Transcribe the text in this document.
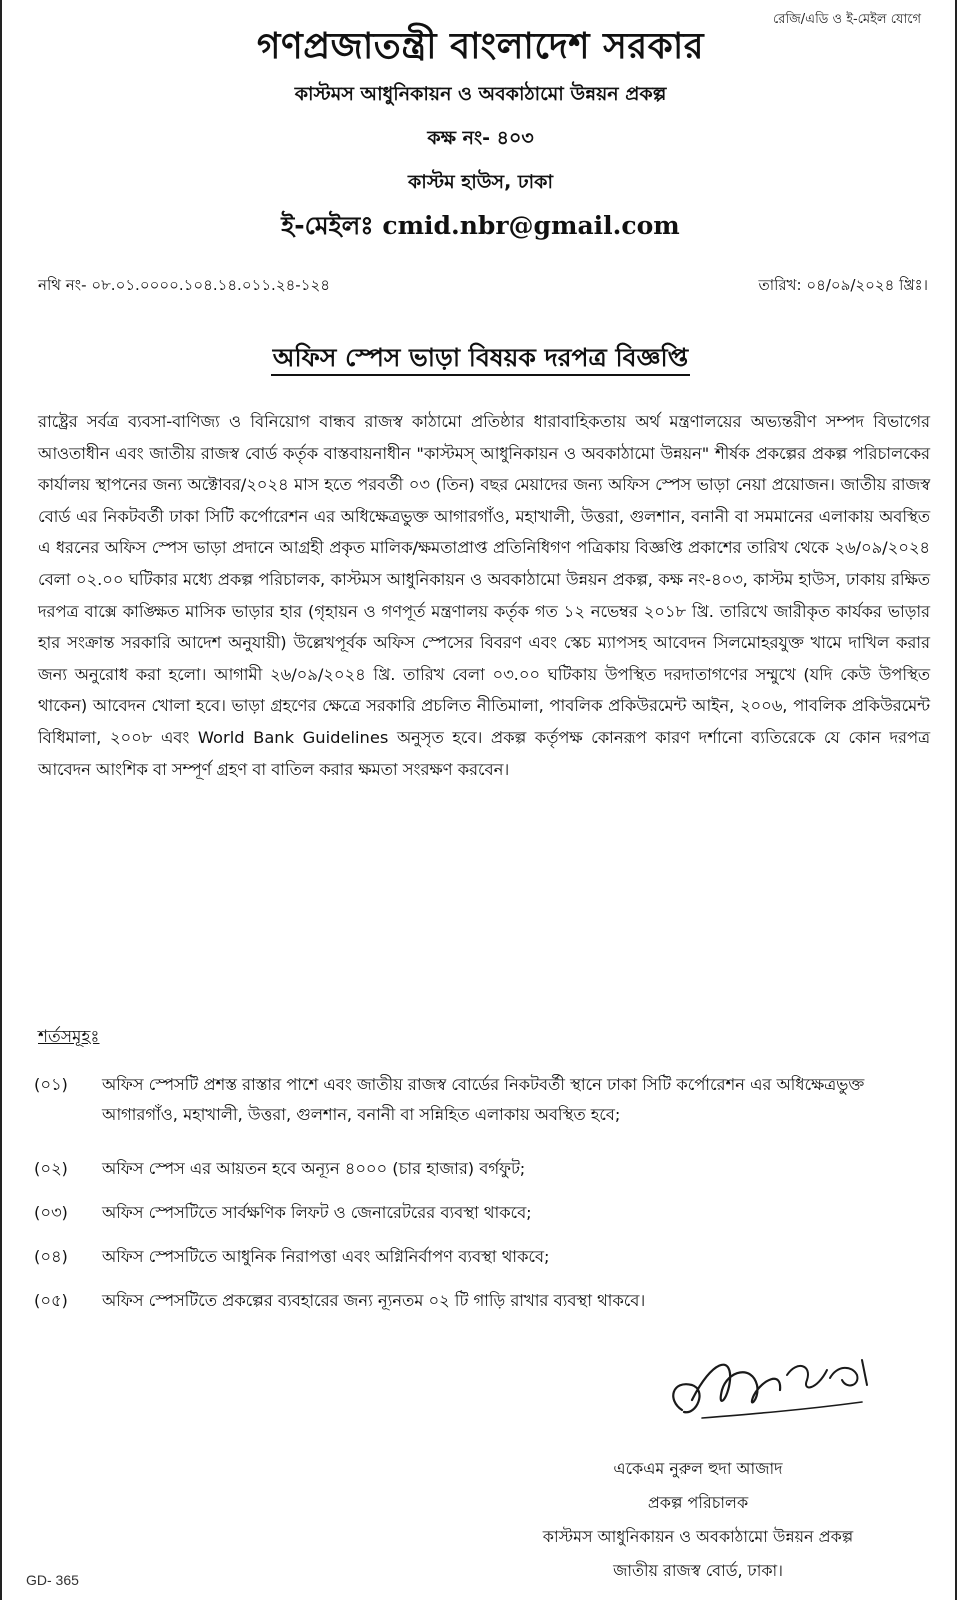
রেজি/এডি ও ই-মেইল যোগে

গণপ্রজাতন্ত্রী বাংলাদেশ সরকার

কাস্টমস আধুনিকায়ন ও অবকাঠামো উন্নয়ন প্রকল্প

কক্ষ নং- ৪০৩

কাস্টম হাউস, ঢাকা

ই-মেইলঃ cmid.nbr@gmail.com

নথি নং- ০৮.০১.০০০০.১০৪.১৪.০১১.২৪-১২৪	তারিখ: ০৪/০৯/২০২৪ খ্রিঃ।
অফিস স্পেস ভাড়া বিষয়ক দরপত্র বিজ্ঞপ্তি

রাষ্ট্রের সর্বত্র ব্যবসা-বাণিজ্য ও বিনিয়োগ বান্ধব রাজস্ব কাঠামো প্রতিষ্ঠার ধারাবাহিকতায় অর্থ মন্ত্রণালয়ের অভ্যন্তরীণ সম্পদ বিভাগের আওতাধীন এবং জাতীয় রাজস্ব বোর্ড কর্তৃক বাস্তবায়নাধীন "কাস্টমস্ আধুনিকায়ন ও অবকাঠামো উন্নয়ন" শীর্ষক প্রকল্পের প্রকল্প পরিচালকের কার্যালয় স্থাপনের জন্য অক্টোবর/২০২৪ মাস হতে পরবর্তী ০৩ (তিন) বছর মেয়াদের জন্য অফিস স্পেস ভাড়া নেয়া প্রয়োজন। জাতীয় রাজস্ব বোর্ড এর নিকটবর্তী ঢাকা সিটি কর্পোরেশন এর অধিক্ষেত্রভুক্ত আগারগাঁও, মহাখালী, উত্তরা, গুলশান, বনানী বা সমমানের এলাকায় অবস্থিত এ ধরনের অফিস স্পেস ভাড়া প্রদানে আগ্রহী প্রকৃত মালিক/ক্ষমতাপ্রাপ্ত প্রতিনিধিগণ পত্রিকায় বিজ্ঞপ্তি প্রকাশের তারিখ থেকে ২৬/০৯/২০২৪ বেলা ০২.০০ ঘটিকার মধ্যে প্রকল্প পরিচালক, কাস্টমস আধুনিকায়ন ও অবকাঠামো উন্নয়ন প্রকল্প, কক্ষ নং-৪০৩, কাস্টম হাউস, ঢাকায় রক্ষিত দরপত্র বাক্সে কাঙ্ক্ষিত মাসিক ভাড়ার হার (গৃহায়ন ও গণপূর্ত মন্ত্রণালয় কর্তৃক গত ১২ নভেম্বর ২০১৮ খ্রি. তারিখে জারীকৃত কার্যকর ভাড়ার হার সংক্রান্ত সরকারি আদেশ অনুযায়ী) উল্লেখপূর্বক অফিস স্পেসের বিবরণ এবং স্কেচ ম্যাপসহ আবেদন সিলমোহরযুক্ত খামে দাখিল করার জন্য অনুরোধ করা হলো। আগামী ২৬/০৯/২০২৪ খ্রি. তারিখ বেলা ০৩.০০ ঘটিকায় উপস্থিত দরদাতাগণের সম্মুখে (যদি কেউ উপস্থিত থাকেন) আবেদন খোলা হবে। ভাড়া গ্রহণের ক্ষেত্রে সরকারি প্রচলিত নীতিমালা, পাবলিক প্রকিউরমেন্ট আইন, ২০০৬, পাবলিক প্রকিউরমেন্ট বিধিমালা, ২০০৮ এবং World Bank Guidelines অনুসৃত হবে। প্রকল্প কর্তৃপক্ষ কোনরূপ কারণ দর্শানো ব্যতিরেকে যে কোন দরপত্র আবেদন আংশিক বা সম্পূর্ণ গ্রহণ বা বাতিল করার ক্ষমতা সংরক্ষণ করবেন।

শর্তসমূহঃ
(০১)	অফিস স্পেসটি প্রশস্ত রাস্তার পাশে এবং জাতীয় রাজস্ব বোর্ডের নিকটবর্তী স্থানে ঢাকা সিটি কর্পোরেশন এর অধিক্ষেত্রভুক্ত আগারগাঁও, মহাখালী, উত্তরা, গুলশান, বনানী বা সন্নিহিত এলাকায় অবস্থিত হবে;
(০২)	অফিস স্পেস এর আয়তন হবে অন্যূন ৪০০০ (চার হাজার) বর্গফুট;
(০৩)	অফিস স্পেসটিতে সার্বক্ষণিক লিফট ও জেনারেটরের ব্যবস্থা থাকবে;
(০৪)	অফিস স্পেসটিতে আধুনিক নিরাপত্তা এবং অগ্নিনির্বাপণ ব্যবস্থা থাকবে;
(০৫)	অফিস স্পেসটিতে প্রকল্পের ব্যবহারের জন্য ন্যূনতম ০২ টি গাড়ি রাখার ব্যবস্থা থাকবে।
একেএম নুরুল হুদা আজাদ
প্রকল্প পরিচালক
কাস্টমস আধুনিকায়ন ও অবকাঠামো উন্নয়ন প্রকল্প
জাতীয় রাজস্ব বোর্ড, ঢাকা।
GD- 365
